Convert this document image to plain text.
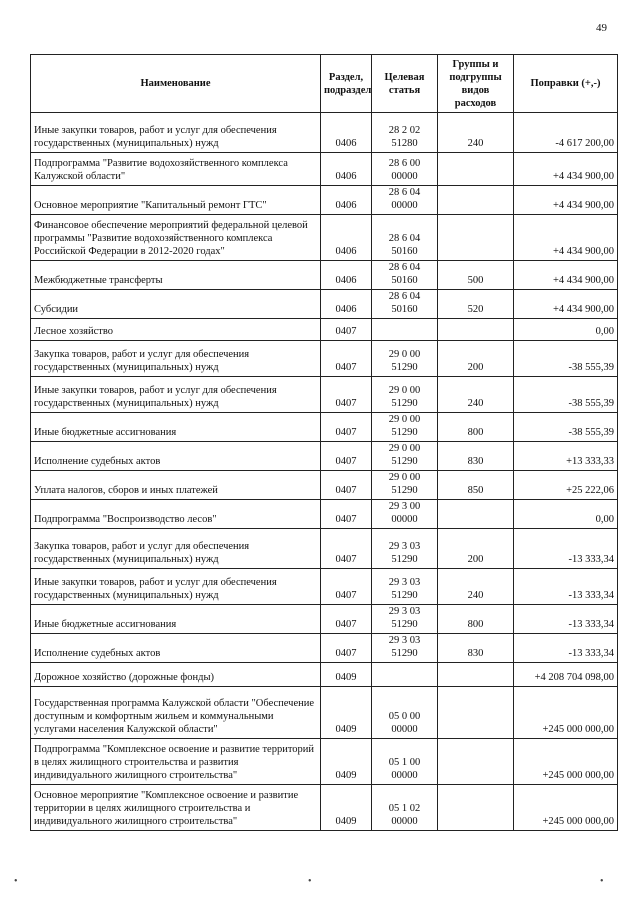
49
Наименование	Раздел, подраздел	Целевая статья	Группы и подгруппы видов расходов	Поправки (+,-)
Иные закупки товаров, работ и услуг для обеспечения государственных (муниципальных) нужд	0406	28 2 02 51280	240	-4 617 200,00
Подпрограмма "Развитие водохозяйственного комплекса Калужской области"	0406	28 6 00 00000		+4 434 900,00
Основное мероприятие "Капитальный ремонт ГТС"	0406	28 6 04 00000		+4 434 900,00
Финансовое обеспечение мероприятий федеральной целевой программы "Развитие водохозяйственного комплекса Российской Федерации в 2012-2020 годах"	0406	28 6 04 50160		+4 434 900,00
Межбюджетные трансферты	0406	28 6 04 50160	500	+4 434 900,00
Субсидии	0406	28 6 04 50160	520	+4 434 900,00
Лесное хозяйство	0407			0,00
Закупка товаров, работ и услуг для обеспечения государственных (муниципальных) нужд	0407	29 0 00 51290	200	-38 555,39
Иные закупки товаров, работ и услуг для обеспечения государственных (муниципальных) нужд	0407	29 0 00 51290	240	-38 555,39
Иные бюджетные ассигнования	0407	29 0 00 51290	800	-38 555,39
Исполнение судебных актов	0407	29 0 00 51290	830	+13 333,33
Уплата налогов, сборов и иных платежей	0407	29 0 00 51290	850	+25 222,06
Подпрограмма "Воспроизводство лесов"	0407	29 3 00 00000		0,00
Закупка товаров, работ и услуг для обеспечения государственных (муниципальных) нужд	0407	29 3 03 51290	200	-13 333,34
Иные закупки товаров, работ и услуг для обеспечения государственных (муниципальных) нужд	0407	29 3 03 51290	240	-13 333,34
Иные бюджетные ассигнования	0407	29 3 03 51290	800	-13 333,34
Исполнение судебных актов	0407	29 3 03 51290	830	-13 333,34
Дорожное хозяйство (дорожные фонды)	0409			+4 208 704 098,00
Государственная программа Калужской области "Обеспечение доступным и комфортным жильем и коммунальными услугами населения Калужской области"	0409	05 0 00 00000		+245 000 000,00
Подпрограмма "Комплексное освоение и развитие территорий в целях жилищного строительства и развития индивидуального жилищного строительства"	0409	05 1 00 00000		+245 000 000,00
Основное мероприятие "Комплексное освоение и развитие территории в целях жилищного строительства и индивидуального жилищного строительства"	0409	05 1 02 00000		+245 000 000,00
•	•	•
